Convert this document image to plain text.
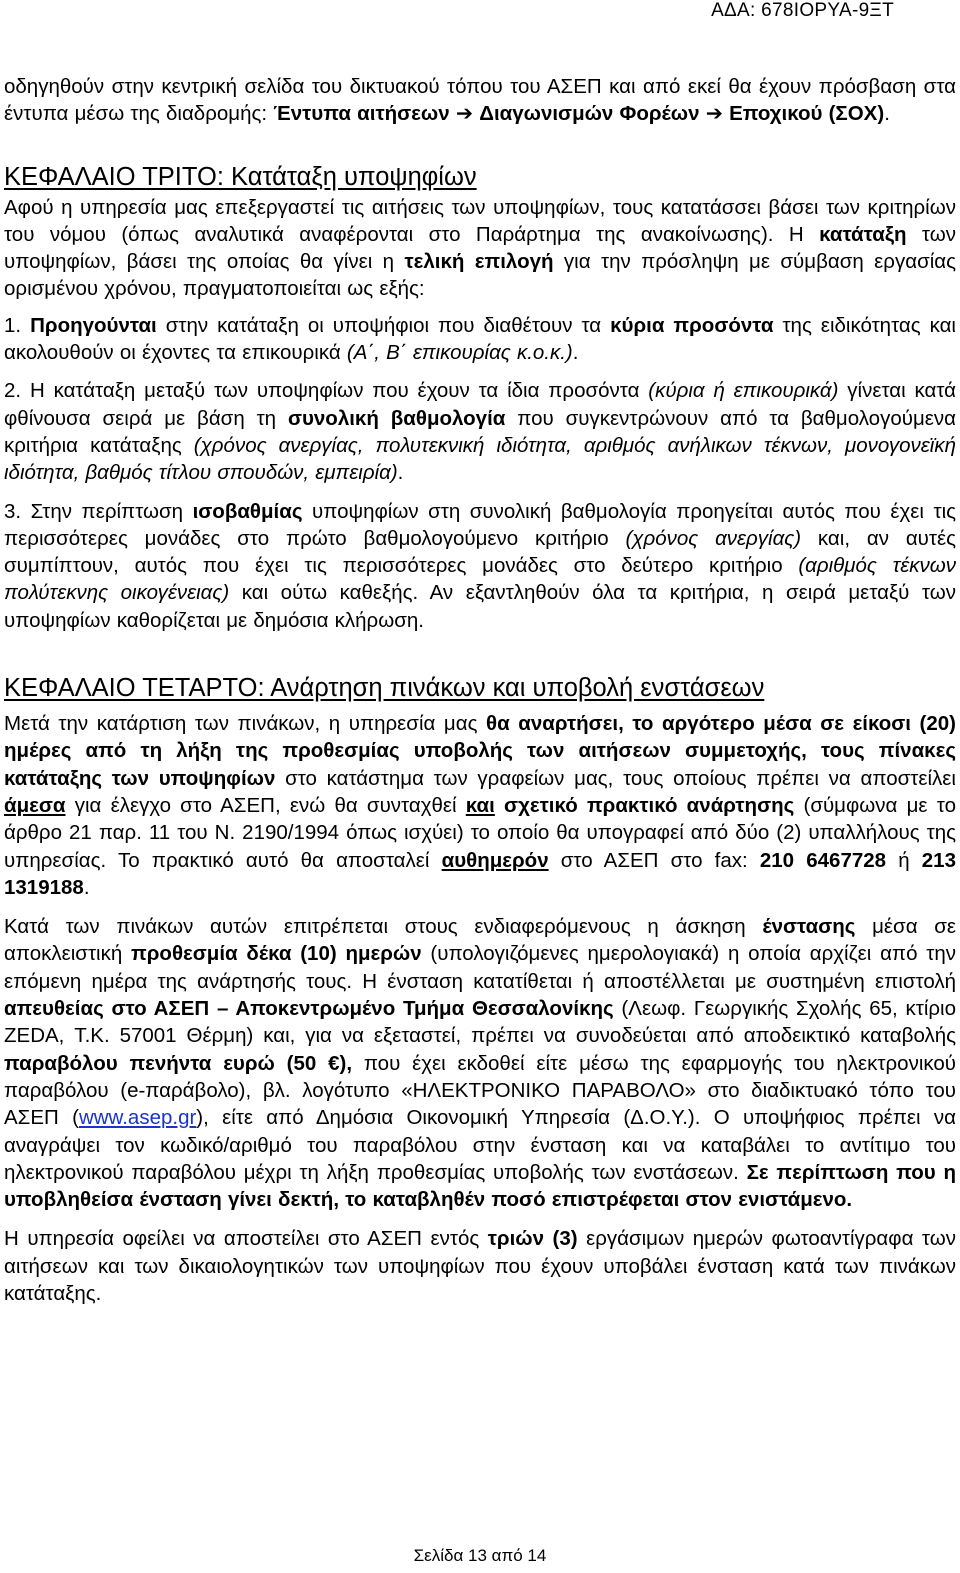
ΑΔΑ: 678ΙΟΡΥΑ-9ΞΤ

οδηγηθούν στην κεντρική σελίδα του δικτυακού τόπου του ΑΣΕΠ και από εκεί θα έχουν πρόσβαση στα έντυπα μέσω της διαδρομής: Έντυπα αιτήσεων ➔ Διαγωνισμών Φορέων ➔ Εποχικού (ΣΟΧ).

ΚΕΦΑΛΑΙΟ ΤΡΙΤΟ: Κατάταξη υποψηφίων

Αφού η υπηρεσία μας επεξεργαστεί τις αιτήσεις των υποψηφίων, τους κατατάσσει βάσει των κριτηρίων του νόμου (όπως αναλυτικά αναφέρονται στο Παράρτημα της ανακοίνωσης). Η κατάταξη των υποψηφίων, βάσει της οποίας θα γίνει η τελική επιλογή για την πρόσληψη με σύμβαση εργασίας ορισμένου χρόνου, πραγματοποιείται ως εξής:

1. Προηγούνται στην κατάταξη οι υποψήφιοι που διαθέτουν τα κύρια προσόντα της ειδικότητας και ακολουθούν οι έχοντες τα επικουρικά (Α΄, Β΄ επικουρίας κ.ο.κ.).

2. Η κατάταξη μεταξύ των υποψηφίων που έχουν τα ίδια προσόντα (κύρια ή επικουρικά) γίνεται κατά φθίνουσα σειρά με βάση τη συνολική βαθμολογία που συγκεντρώνουν από τα βαθμολογούμενα κριτήρια κατάταξης (χρόνος ανεργίας, πολυτεκνική ιδιότητα, αριθμός ανήλικων τέκνων, μονογονεϊκή ιδιότητα, βαθμός τίτλου σπουδών, εμπειρία).

3. Στην περίπτωση ισοβαθμίας υποψηφίων στη συνολική βαθμολογία προηγείται αυτός που έχει τις περισσότερες μονάδες στο πρώτο βαθμολογούμενο κριτήριο (χρόνος ανεργίας) και, αν αυτές συμπίπτουν, αυτός που έχει τις περισσότερες μονάδες στο δεύτερο κριτήριο (αριθμός τέκνων πολύτεκνης οικογένειας) και ούτω καθεξής. Αν εξαντληθούν όλα τα κριτήρια, η σειρά μεταξύ των υποψηφίων καθορίζεται με δημόσια κλήρωση.

ΚΕΦΑΛΑΙΟ ΤΕΤΑΡΤΟ: Ανάρτηση πινάκων και υποβολή ενστάσεων

Μετά την κατάρτιση των πινάκων, η υπηρεσία μας θα αναρτήσει, το αργότερο μέσα σε είκοσι (20) ημέρες από τη λήξη της προθεσμίας υποβολής των αιτήσεων συμμετοχής, τους πίνακες κατάταξης των υποψηφίων στο κατάστημα των γραφείων μας, τους οποίους πρέπει να αποστείλει άμεσα για έλεγχο στο ΑΣΕΠ, ενώ θα συνταχθεί και σχετικό πρακτικό ανάρτησης (σύμφωνα με το άρθρο 21 παρ. 11 του Ν. 2190/1994 όπως ισχύει) το οποίο θα υπογραφεί από δύο (2) υπαλλήλους της υπηρεσίας. Το πρακτικό αυτό θα αποσταλεί αυθημερόν στο ΑΣΕΠ στο fax: 210 6467728 ή 213 1319188.

Κατά των πινάκων αυτών επιτρέπεται στους ενδιαφερόμενους η άσκηση ένστασης μέσα σε αποκλειστική προθεσμία δέκα (10) ημερών (υπολογιζόμενες ημερολογιακά) η οποία αρχίζει από την επόμενη ημέρα της ανάρτησής τους. Η ένσταση κατατίθεται ή αποστέλλεται με συστημένη επιστολή απευθείας στο ΑΣΕΠ – Αποκεντρωμένο Τμήμα Θεσσαλονίκης (Λεωφ. Γεωργικής Σχολής 65, κτίριο ZEDA, Τ.Κ. 57001 Θέρμη) και, για να εξεταστεί, πρέπει να συνοδεύεται από αποδεικτικό καταβολής παραβόλου πενήντα ευρώ (50 €), που έχει εκδοθεί είτε μέσω της εφαρμογής του ηλεκτρονικού παραβόλου (e-παράβολο), βλ. λογότυπο «ΗΛΕΚΤΡΟΝΙΚΟ ΠΑΡΑΒΟΛΟ» στο διαδικτυακό τόπο του ΑΣΕΠ (www.asep.gr), είτε από Δημόσια Οικονομική Υπηρεσία (Δ.Ο.Υ.). Ο υποψήφιος πρέπει να αναγράψει τον κωδικό/αριθμό του παραβόλου στην ένσταση και να καταβάλει το αντίτιμο του ηλεκτρονικού παραβόλου μέχρι τη λήξη προθεσμίας υποβολής των ενστάσεων. Σε περίπτωση που η υποβληθείσα ένσταση γίνει δεκτή, το καταβληθέν ποσό επιστρέφεται στον ενιστάμενο.

Η υπηρεσία οφείλει να αποστείλει στο ΑΣΕΠ εντός τριών (3) εργάσιμων ημερών φωτοαντίγραφα των αιτήσεων και των δικαιολογητικών των υποψηφίων που έχουν υποβάλει ένσταση κατά των πινάκων κατάταξης.

Σελίδα 13 από 14
